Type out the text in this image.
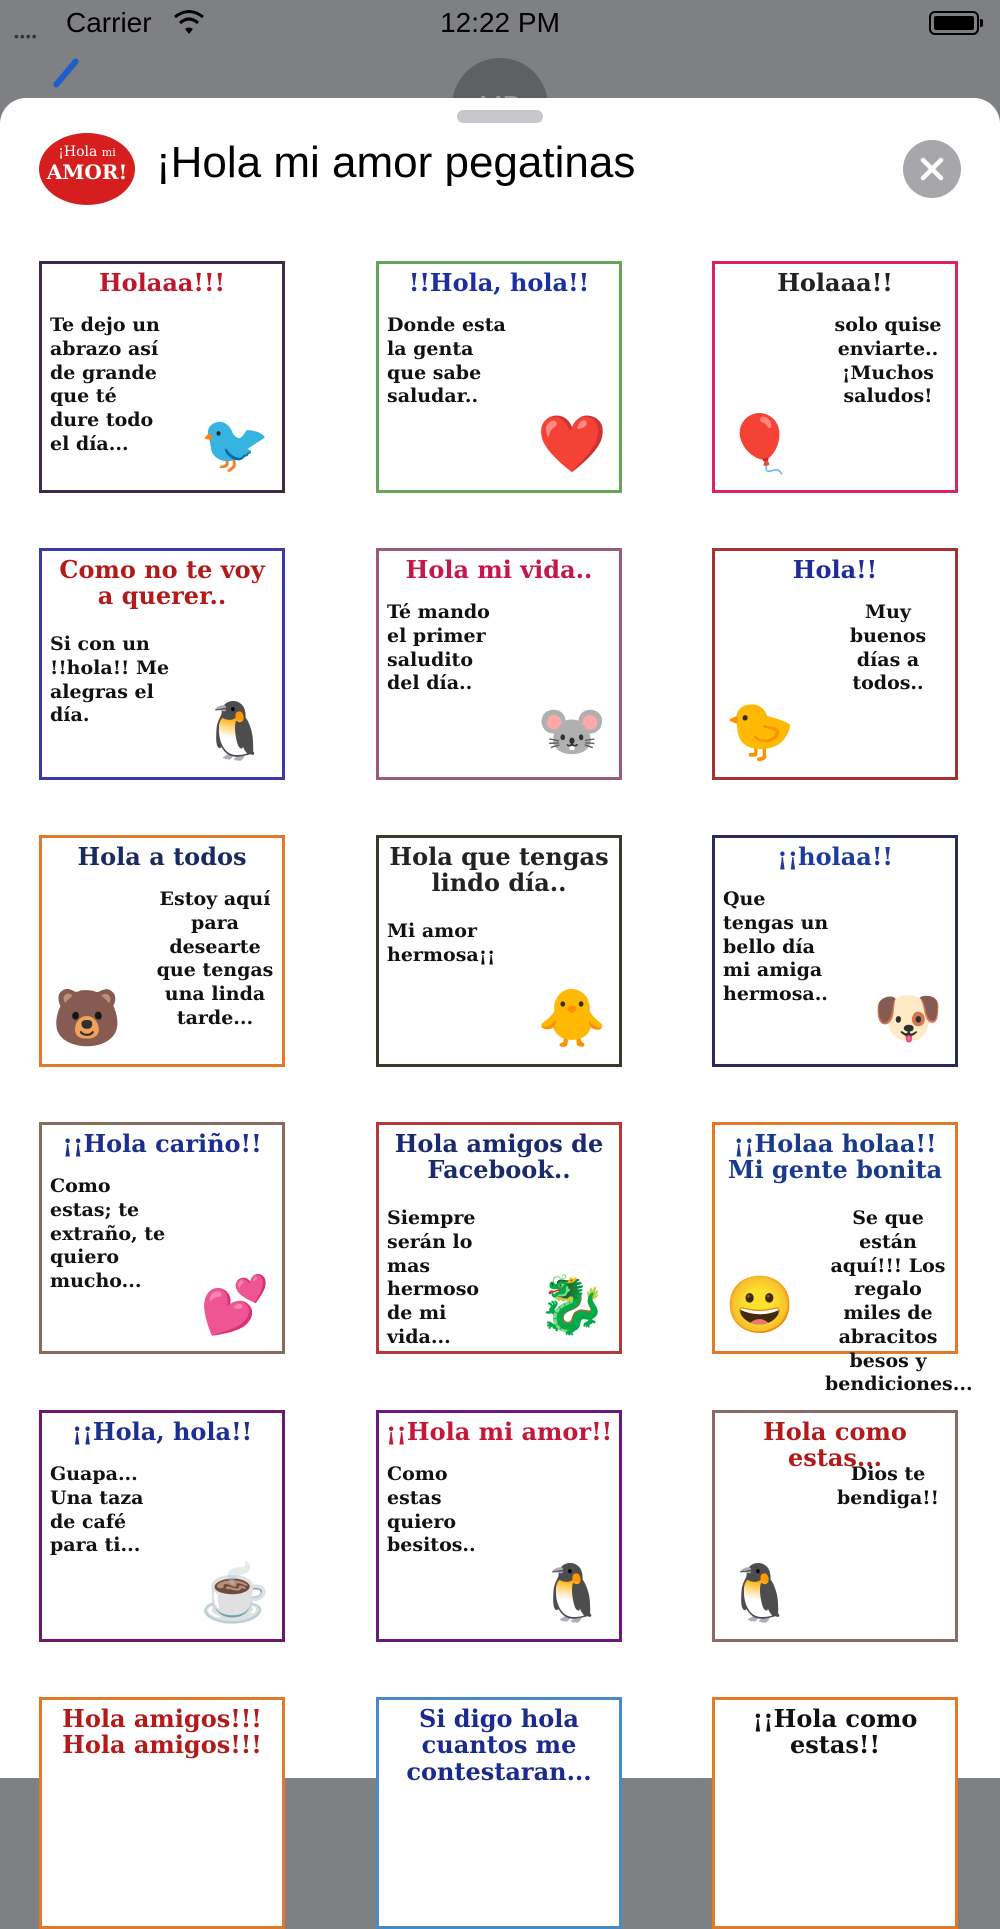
•••• Carrier	12:22 PM
¡Hola mi

AMOR! ¡Hola mi amor pegatinas
Holaaa!!!
Te dejo un abrazo así de grande que té dure todo el día...	🐦
!!Hola, hola!!
Donde esta la genta que sabe saludar..
❤️
Holaaa!!
solo quise enviarte.. ¡Muchos saludos!
🎈
Como no te voy a querer..
Si con un !!hola!! Me alegras el día.	🐧
Hola mi vida..
Té mando el primer saludito del día..
🐭
Hola!!
Muy buenos días a todos..
🐤
Hola a todos
Estoy aquí para desearte que tengas una linda tarde...
🐻
Hola que tengas lindo día..
Mi amor hermosa¡¡
🐥
¡¡holaa!!
Que tengas un bello día mi amiga hermosa.. 🐶
¡¡Hola cariño!!
Como estas; te extraño, te quiero mucho...	💕
Hola amigos de Facebook..
Siempre serán lo mas hermoso de mi vida...	🐉
¡¡Holaa holaa!! Mi gente bonita
Se que están aquí!!! Los regalo miles de abracitos besos y bendiciones...
😀
¡¡Hola, hola!!
Guapa... Una taza de café para ti...
☕
¡¡Hola mi amor!!
Como estas quiero besitos..
🐧
Hola como estas...
Dios te bendiga!!
🐧
Hola amigos!!! Hola amigos!!!
Si digo hola cuantos me contestaran...
¡¡Hola como estas!!
